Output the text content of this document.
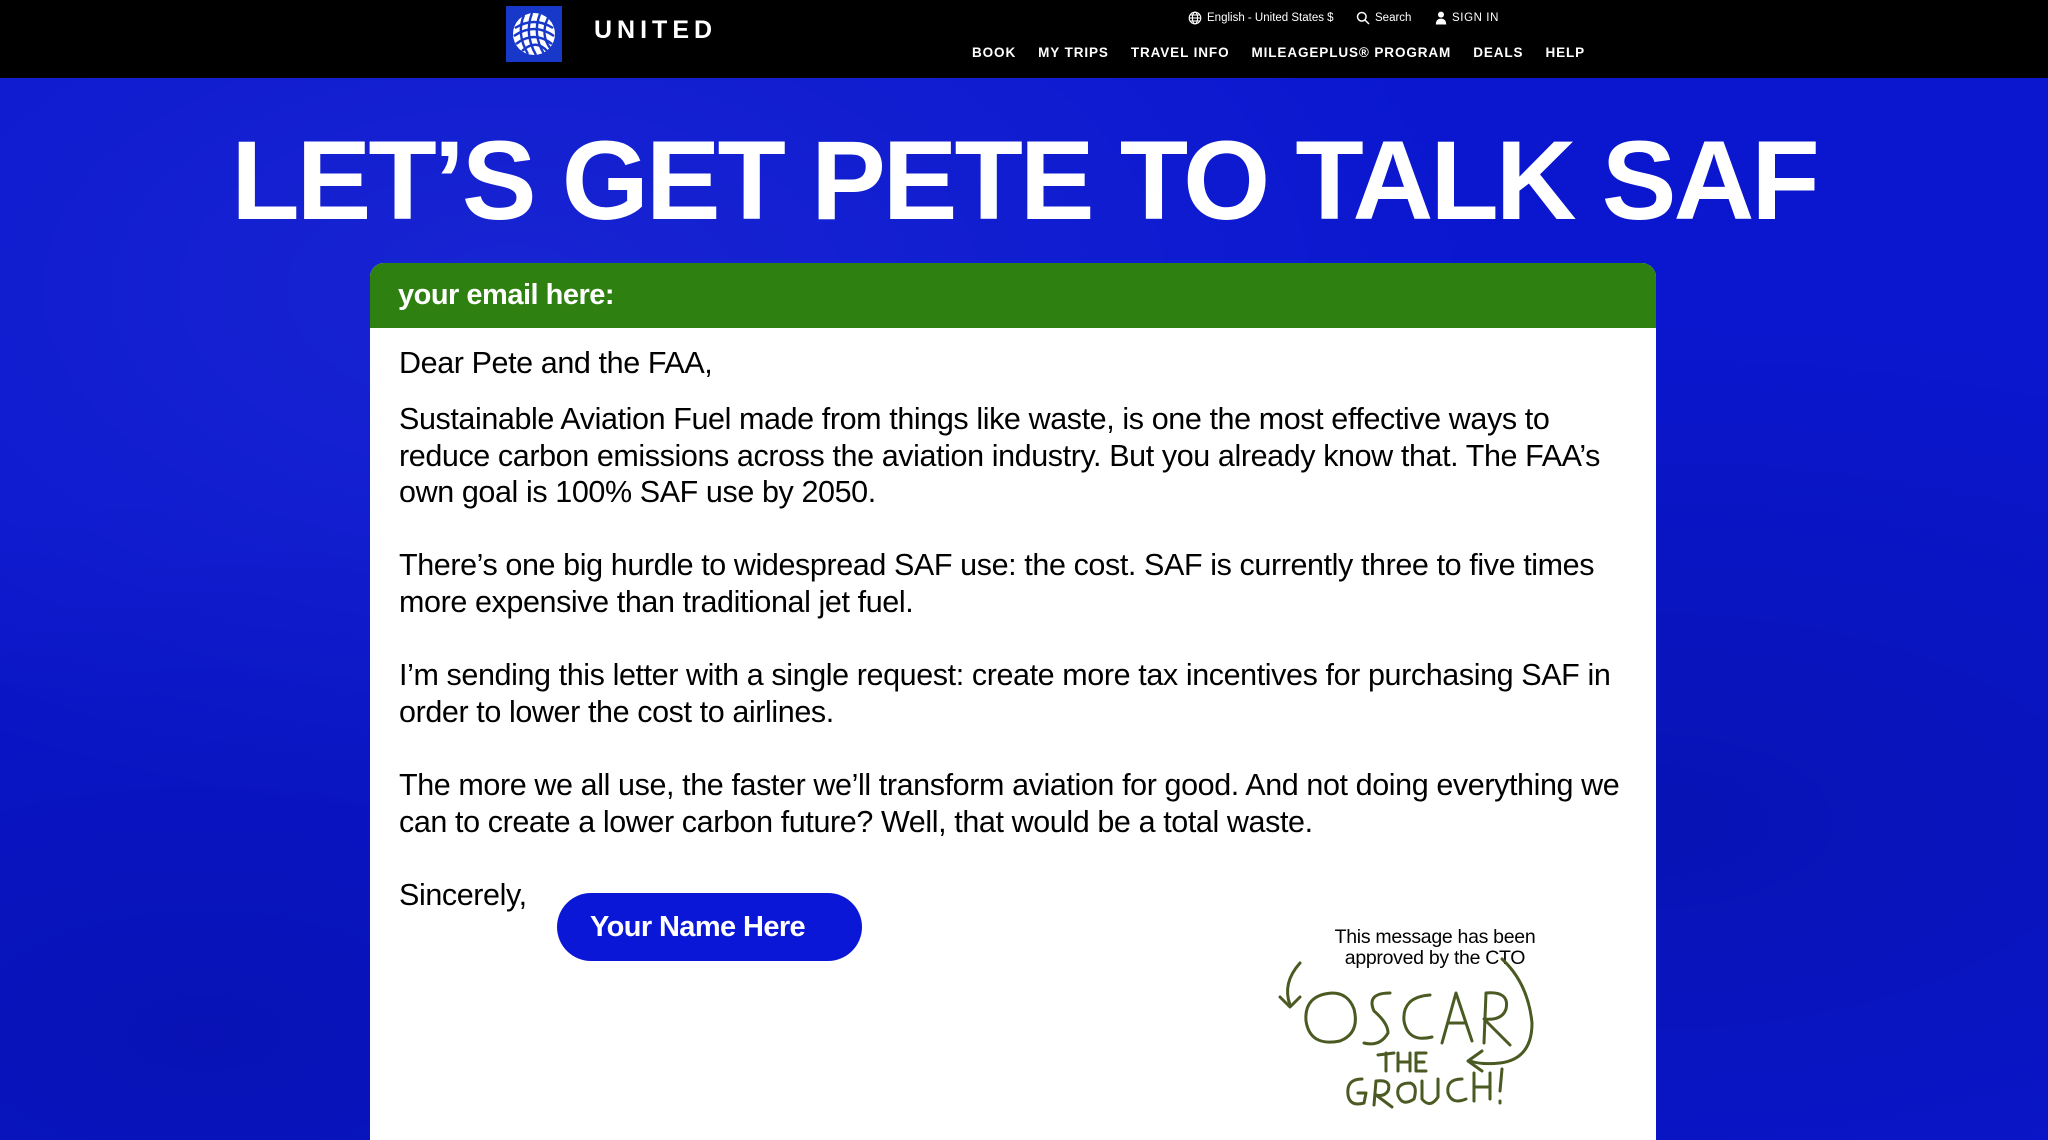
UNITED	English - United States $	Search	SIGN IN
BOOK MY TRIPS TRAVEL INFO MILEAGEPLUS® PROGRAM DEALS HELP
LET’S GET PETE TO TALK SAF
your email here:

Dear Pete and the FAA,

Sustainable Aviation Fuel made from things like waste, is one the most effective ways to reduce carbon emissions across the aviation industry. But you already know that. The FAA’s own goal is 100% SAF use by 2050.

There’s one big hurdle to widespread SAF use: the cost. SAF is currently three to five times more expensive than traditional jet fuel.

I’m sending this letter with a single request: create more tax incentives for purchasing SAF in order to lower the cost to airlines.

The more we all use, the faster we’ll transform aviation for good. And not doing everything we can to create a lower carbon future? Well, that would be a total waste.

Sincerely,

Your Name Here

This message has been
approved by the CTO
